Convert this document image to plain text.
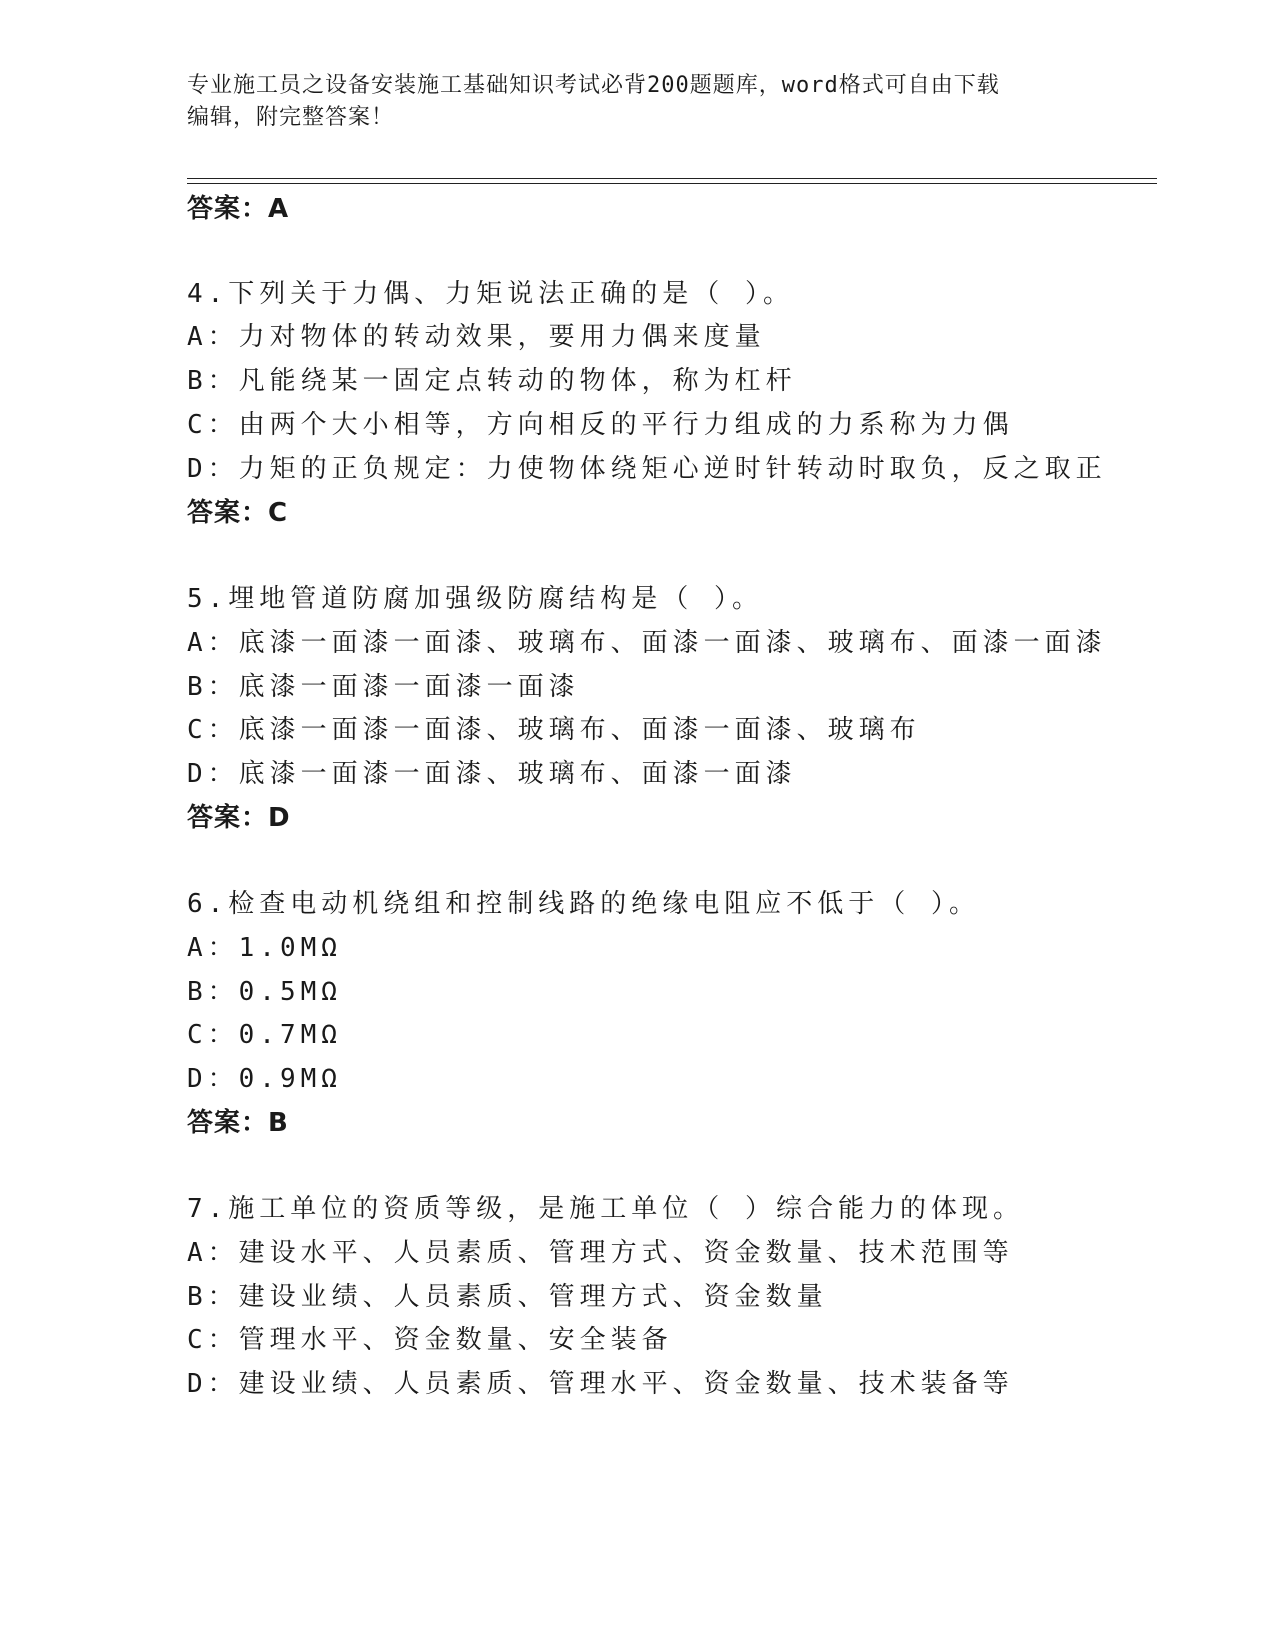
专业施工员之设备安装施工基础知识考试必背200题题库，word格式可自由下载
编辑，附完整答案！
答案：A
4.下列关于力偶、力矩说法正确的是（ ）。
A：力对物体的转动效果，要用力偶来度量
B：凡能绕某一固定点转动的物体，称为杠杆
C：由两个大小相等，方向相反的平行力组成的力系称为力偶
D：力矩的正负规定：力使物体绕矩心逆时针转动时取负，反之取正
答案：C
5.埋地管道防腐加强级防腐结构是（ ）。
A：底漆一面漆一面漆、玻璃布、面漆一面漆、玻璃布、面漆一面漆
B：底漆一面漆一面漆一面漆
C：底漆一面漆一面漆、玻璃布、面漆一面漆、玻璃布
D：底漆一面漆一面漆、玻璃布、面漆一面漆
答案：D
6.检查电动机绕组和控制线路的绝缘电阻应不低于（ ）。
A：1.0MΩ
B：0.5MΩ
C：0.7MΩ
D：0.9MΩ
答案：B
7.施工单位的资质等级，是施工单位（ ）综合能力的体现。
A：建设水平、人员素质、管理方式、资金数量、技术范围等
B：建设业绩、人员素质、管理方式、资金数量
C：管理水平、资金数量、安全装备
D：建设业绩、人员素质、管理水平、资金数量、技术装备等
